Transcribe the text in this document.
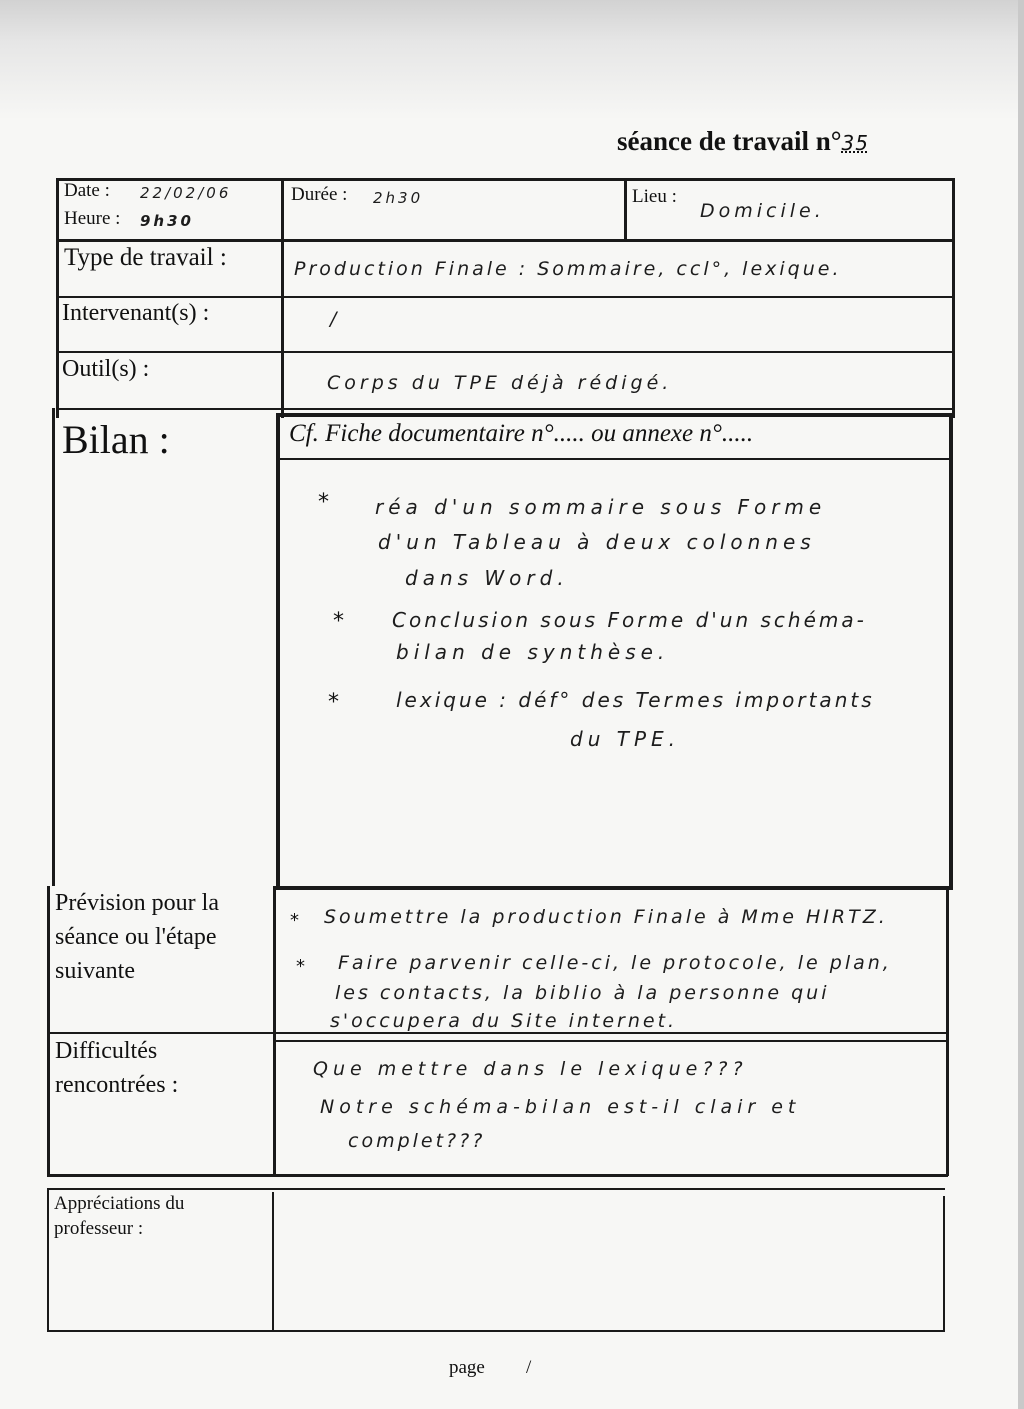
séance de travail n°35
Date : 22/02/06
Heure : 9h30
Durée : 2h30	Lieu :
Domicile.
Type de travail :	Production Finale : Sommaire, ccl°, lexique.
Intervenant(s) :	/
Outil(s) :
Corps du TPE déjà rédigé.
Bilan :	Cf. Fiche documentaire n°..... ou annexe n°.....
* réa d'un sommaire sous Forme
d'un Tableau à deux colonnes
dans Word.
* Conclusion sous Forme d'un schéma-
bilan de synthèse.
*	lexique : déf° des Termes importants
du TPE.
Prévision pour la
séance ou l'étape
suivante
* Soumettre la production Finale à Mme HIRTZ.
* Faire parvenir celle-ci, le protocole, le plan,
les contacts, la biblio à la personne qui
s'occupera du Site internet.
Difficultés
rencontrées :
Que mettre dans le lexique???
Notre schéma-bilan est-il clair et
complet???
Appréciations du
professeur :
page /
